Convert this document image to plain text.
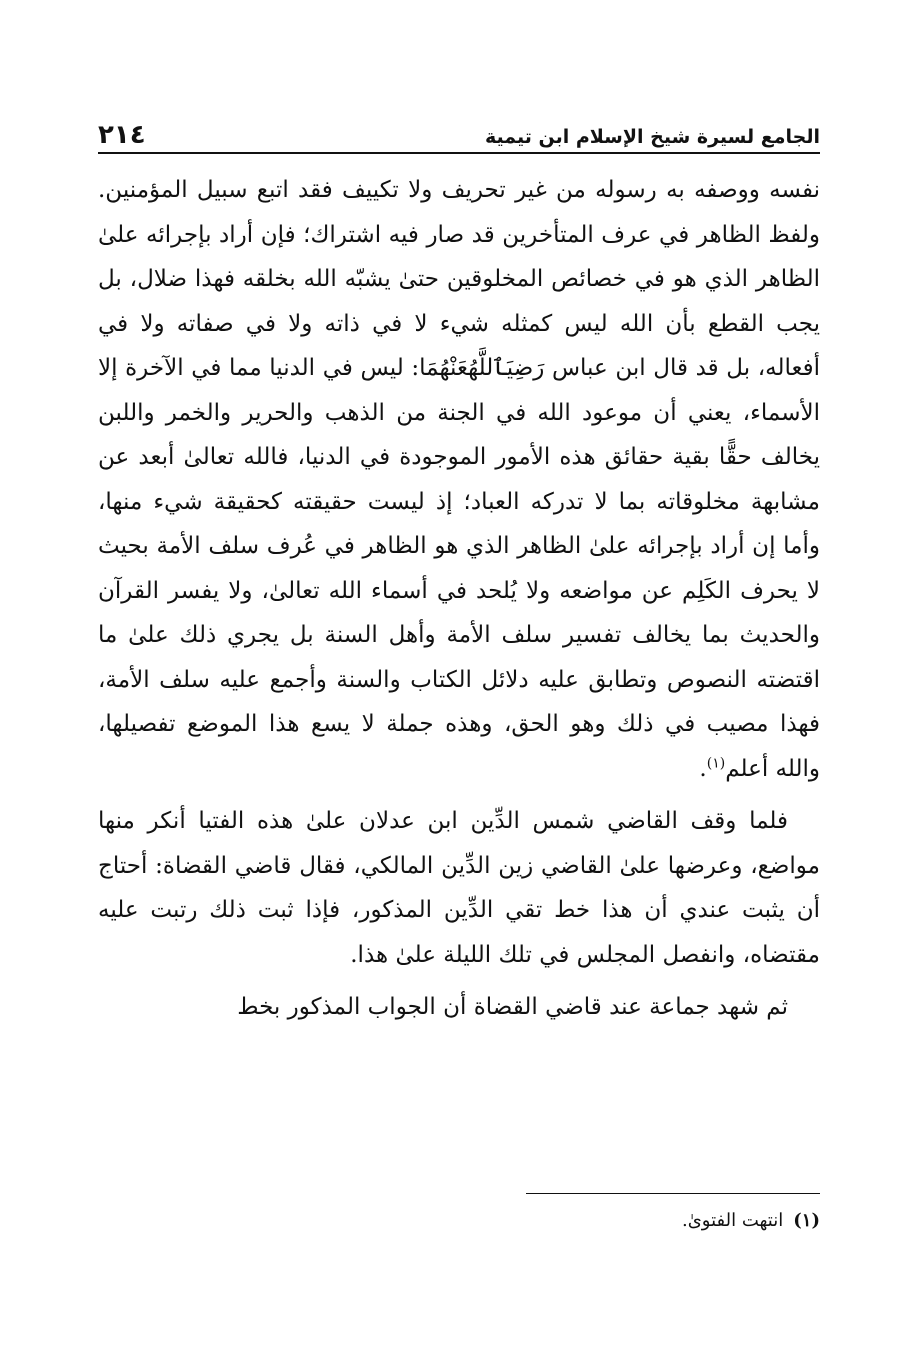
الجامع لسيرة شيخ الإسلام ابن تيمية
٢١٤

نفسه ووصفه به رسوله من غير تحريف ولا تكييف فقد اتبع سبيل المؤمنين. ولفظ الظاهر في عرف المتأخرين قد صار فيه اشتراك؛ فإن أراد بإجرائه علىٰ الظاهر الذي هو في خصائص المخلوقين حتىٰ يشبّه الله بخلقه فهذا ضلال، بل يجب القطع بأن الله ليس كمثله شيء لا في ذاته ولا في صفاته ولا في أفعاله، بل قد قال ابن عباس رَضِيَٱللَّهُعَنْهُمَا: ليس في الدنيا مما في الآخرة إلا الأسماء، يعني أن موعود الله في الجنة من الذهب والحرير والخمر واللبن يخالف حقًّا بقية حقائق هذه الأمور الموجودة في الدنيا، فالله تعالىٰ أبعد عن مشابهة مخلوقاته بما لا تدركه العباد؛ إذ ليست حقيقته كحقيقة شيء منها، وأما إن أراد بإجرائه علىٰ الظاهر الذي هو الظاهر في عُرف سلف الأمة بحيث لا يحرف الكَلِم عن مواضعه ولا يُلحد في أسماء الله تعالىٰ، ولا يفسر القرآن والحديث بما يخالف تفسير سلف الأمة وأهل السنة بل يجري ذلك علىٰ ما اقتضته النصوص وتطابق عليه دلائل الكتاب والسنة وأجمع عليه سلف الأمة، فهذا مصيب في ذلك وهو الحق، وهذه جملة لا يسع هذا الموضع تفصيلها، والله أعلم$^{(١)}$.

فلما وقف القاضي شمس الدِّين ابن عدلان علىٰ هذه الفتيا أنكر منها مواضع، وعرضها علىٰ القاضي زين الدِّين المالكي، فقال قاضي القضاة: أحتاج أن يثبت عندي أن هذا خط تقي الدِّين المذكور، فإذا ثبت ذلك رتبت عليه مقتضاه، وانفصل المجلس في تلك الليلة علىٰ هذا.

ثم شهد جماعة عند قاضي القضاة أن الجواب المذكور بخط

(١)انتهت الفتوىٰ.
